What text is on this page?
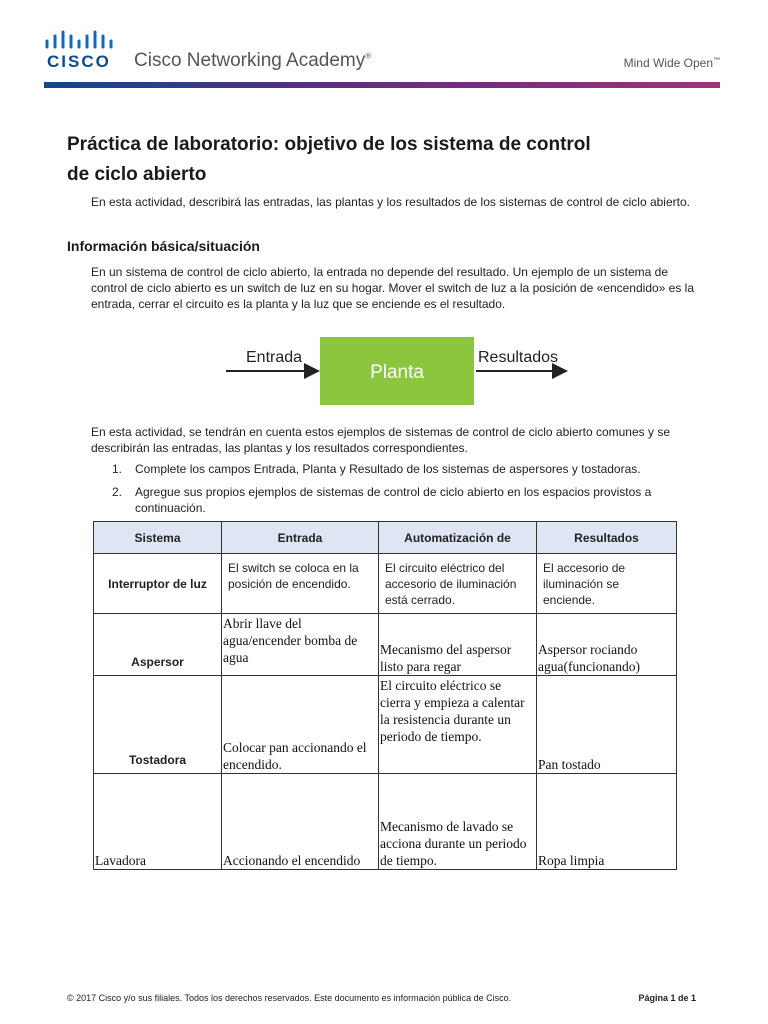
CISCO Cisco Networking Academy®	Mind Wide Open™
Práctica de laboratorio: objetivo de los sistema de control
de ciclo abierto
En esta actividad, describirá las entradas, las plantas y los resultados de los sistemas de control de ciclo abierto.
Información básica/situación
En un sistema de control de ciclo abierto, la entrada no depende del resultado. Un ejemplo de un sistema de control de ciclo abierto es un switch de luz en su hogar. Mover el switch de luz a la posición de «encendido» es la entrada, cerrar el circuito es la planta y la luz que se enciende es el resultado.
Entrada
Planta
Resultados
En esta actividad, se tendrán en cuenta estos ejemplos de sistemas de control de ciclo abierto comunes y se describirán las entradas, las plantas y los resultados correspondientes.
1.	Complete los campos Entrada, Planta y Resultado de los sistemas de aspersores y tostadoras.
2.	Agregue sus propios ejemplos de sistemas de control de ciclo abierto en los espacios provistos a continuación.
Sistema	Entrada	Automatización de	Resultados
Interruptor de luz	El switch se coloca en la posición de encendido.	El circuito eléctrico del accesorio de iluminación está cerrado.	El accesorio de iluminación se enciende.
Aspersor	Abrir llave del agua/encender bomba de agua	Mecanismo del aspersor listo para regar	Aspersor rociando agua(funcionando)
Tostadora	Colocar pan accionando el encendido.	El circuito eléctrico se cierra y empieza a calentar la resistencia durante un periodo de tiempo.	Pan tostado
Lavadora	Accionando el encendido	Mecanismo de lavado se acciona durante un periodo de tiempo.	Ropa limpia
© 2017 Cisco y/o sus filiales. Todos los derechos reservados. Este documento es información pública de Cisco.	Página 1 de 1
